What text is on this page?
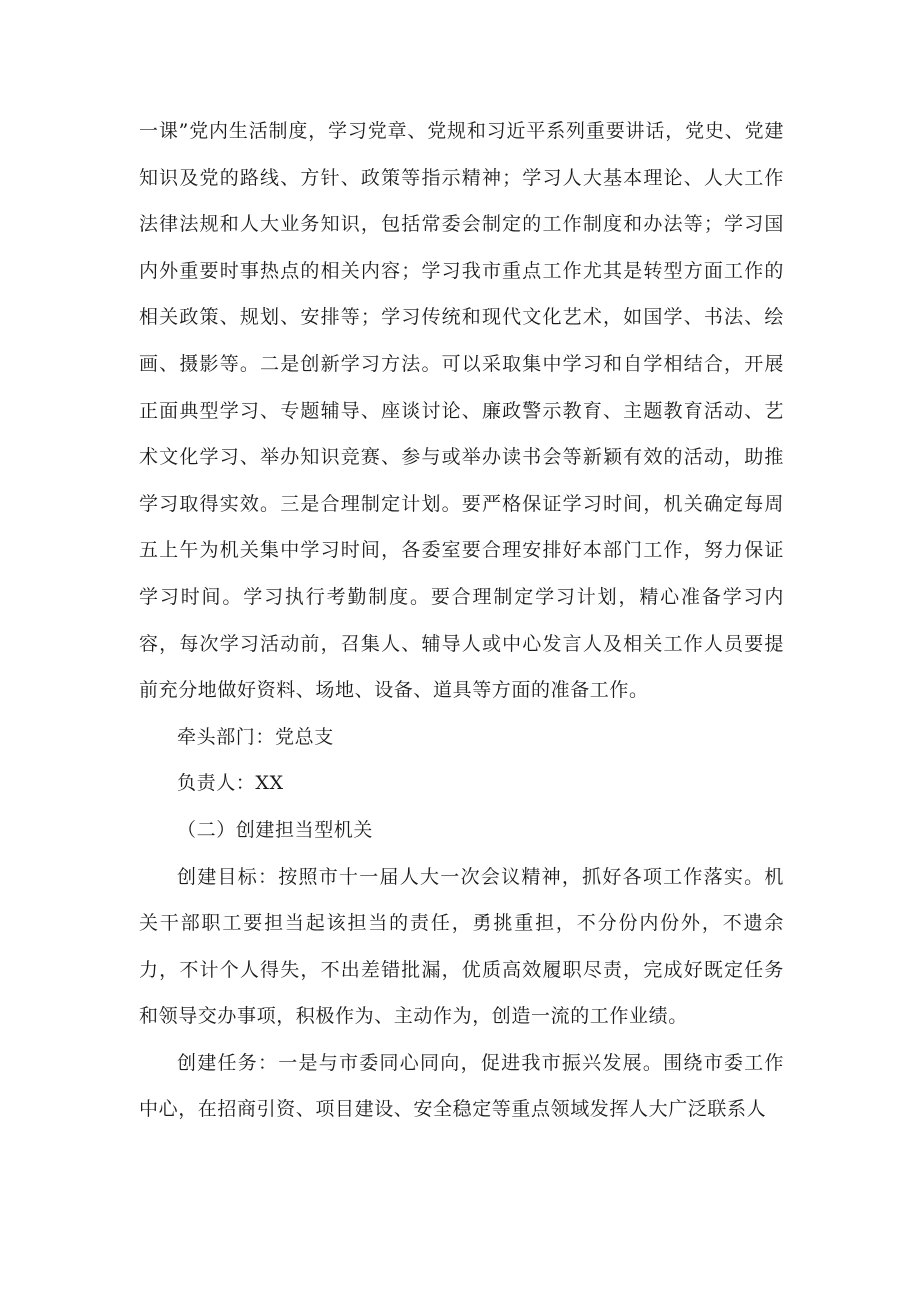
一课”党内生活制度，学习党章、党规和习近平系列重要讲话，党史、党建知识及党的路线、方针、政策等指示精神；学习人大基本理论、人大工作法律法规和人大业务知识，包括常委会制定的工作制度和办法等；学习国内外重要时事热点的相关内容；学习我市重点工作尤其是转型方面工作的相关政策、规划、安排等；学习传统和现代文化艺术，如国学、书法、绘画、摄影等。二是创新学习方法。可以采取集中学习和自学相结合，开展正面典型学习、专题辅导、座谈讨论、廉政警示教育、主题教育活动、艺术文化学习、举办知识竞赛、参与或举办读书会等新颖有效的活动，助推学习取得实效。三是合理制定计划。要严格保证学习时间，机关确定每周五上午为机关集中学习时间，各委室要合理安排好本部门工作，努力保证学习时间。学习执行考勤制度。要合理制定学习计划，精心准备学习内容，每次学习活动前，召集人、辅导人或中心发言人及相关工作人员要提前充分地做好资料、场地、设备、道具等方面的准备工作。

牵头部门：党总支

负责人：XX

（二）创建担当型机关

创建目标：按照市十一届人大一次会议精神，抓好各项工作落实。机关干部职工要担当起该担当的责任，勇挑重担，不分份内份外，不遗余力，不计个人得失，不出差错批漏，优质高效履职尽责，完成好既定任务和领导交办事项，积极作为、主动作为，创造一流的工作业绩。

创建任务：一是与市委同心同向，促进我市振兴发展。围绕市委工作中心，在招商引资、项目建设、安全稳定等重点领域发挥人大广泛联系人
